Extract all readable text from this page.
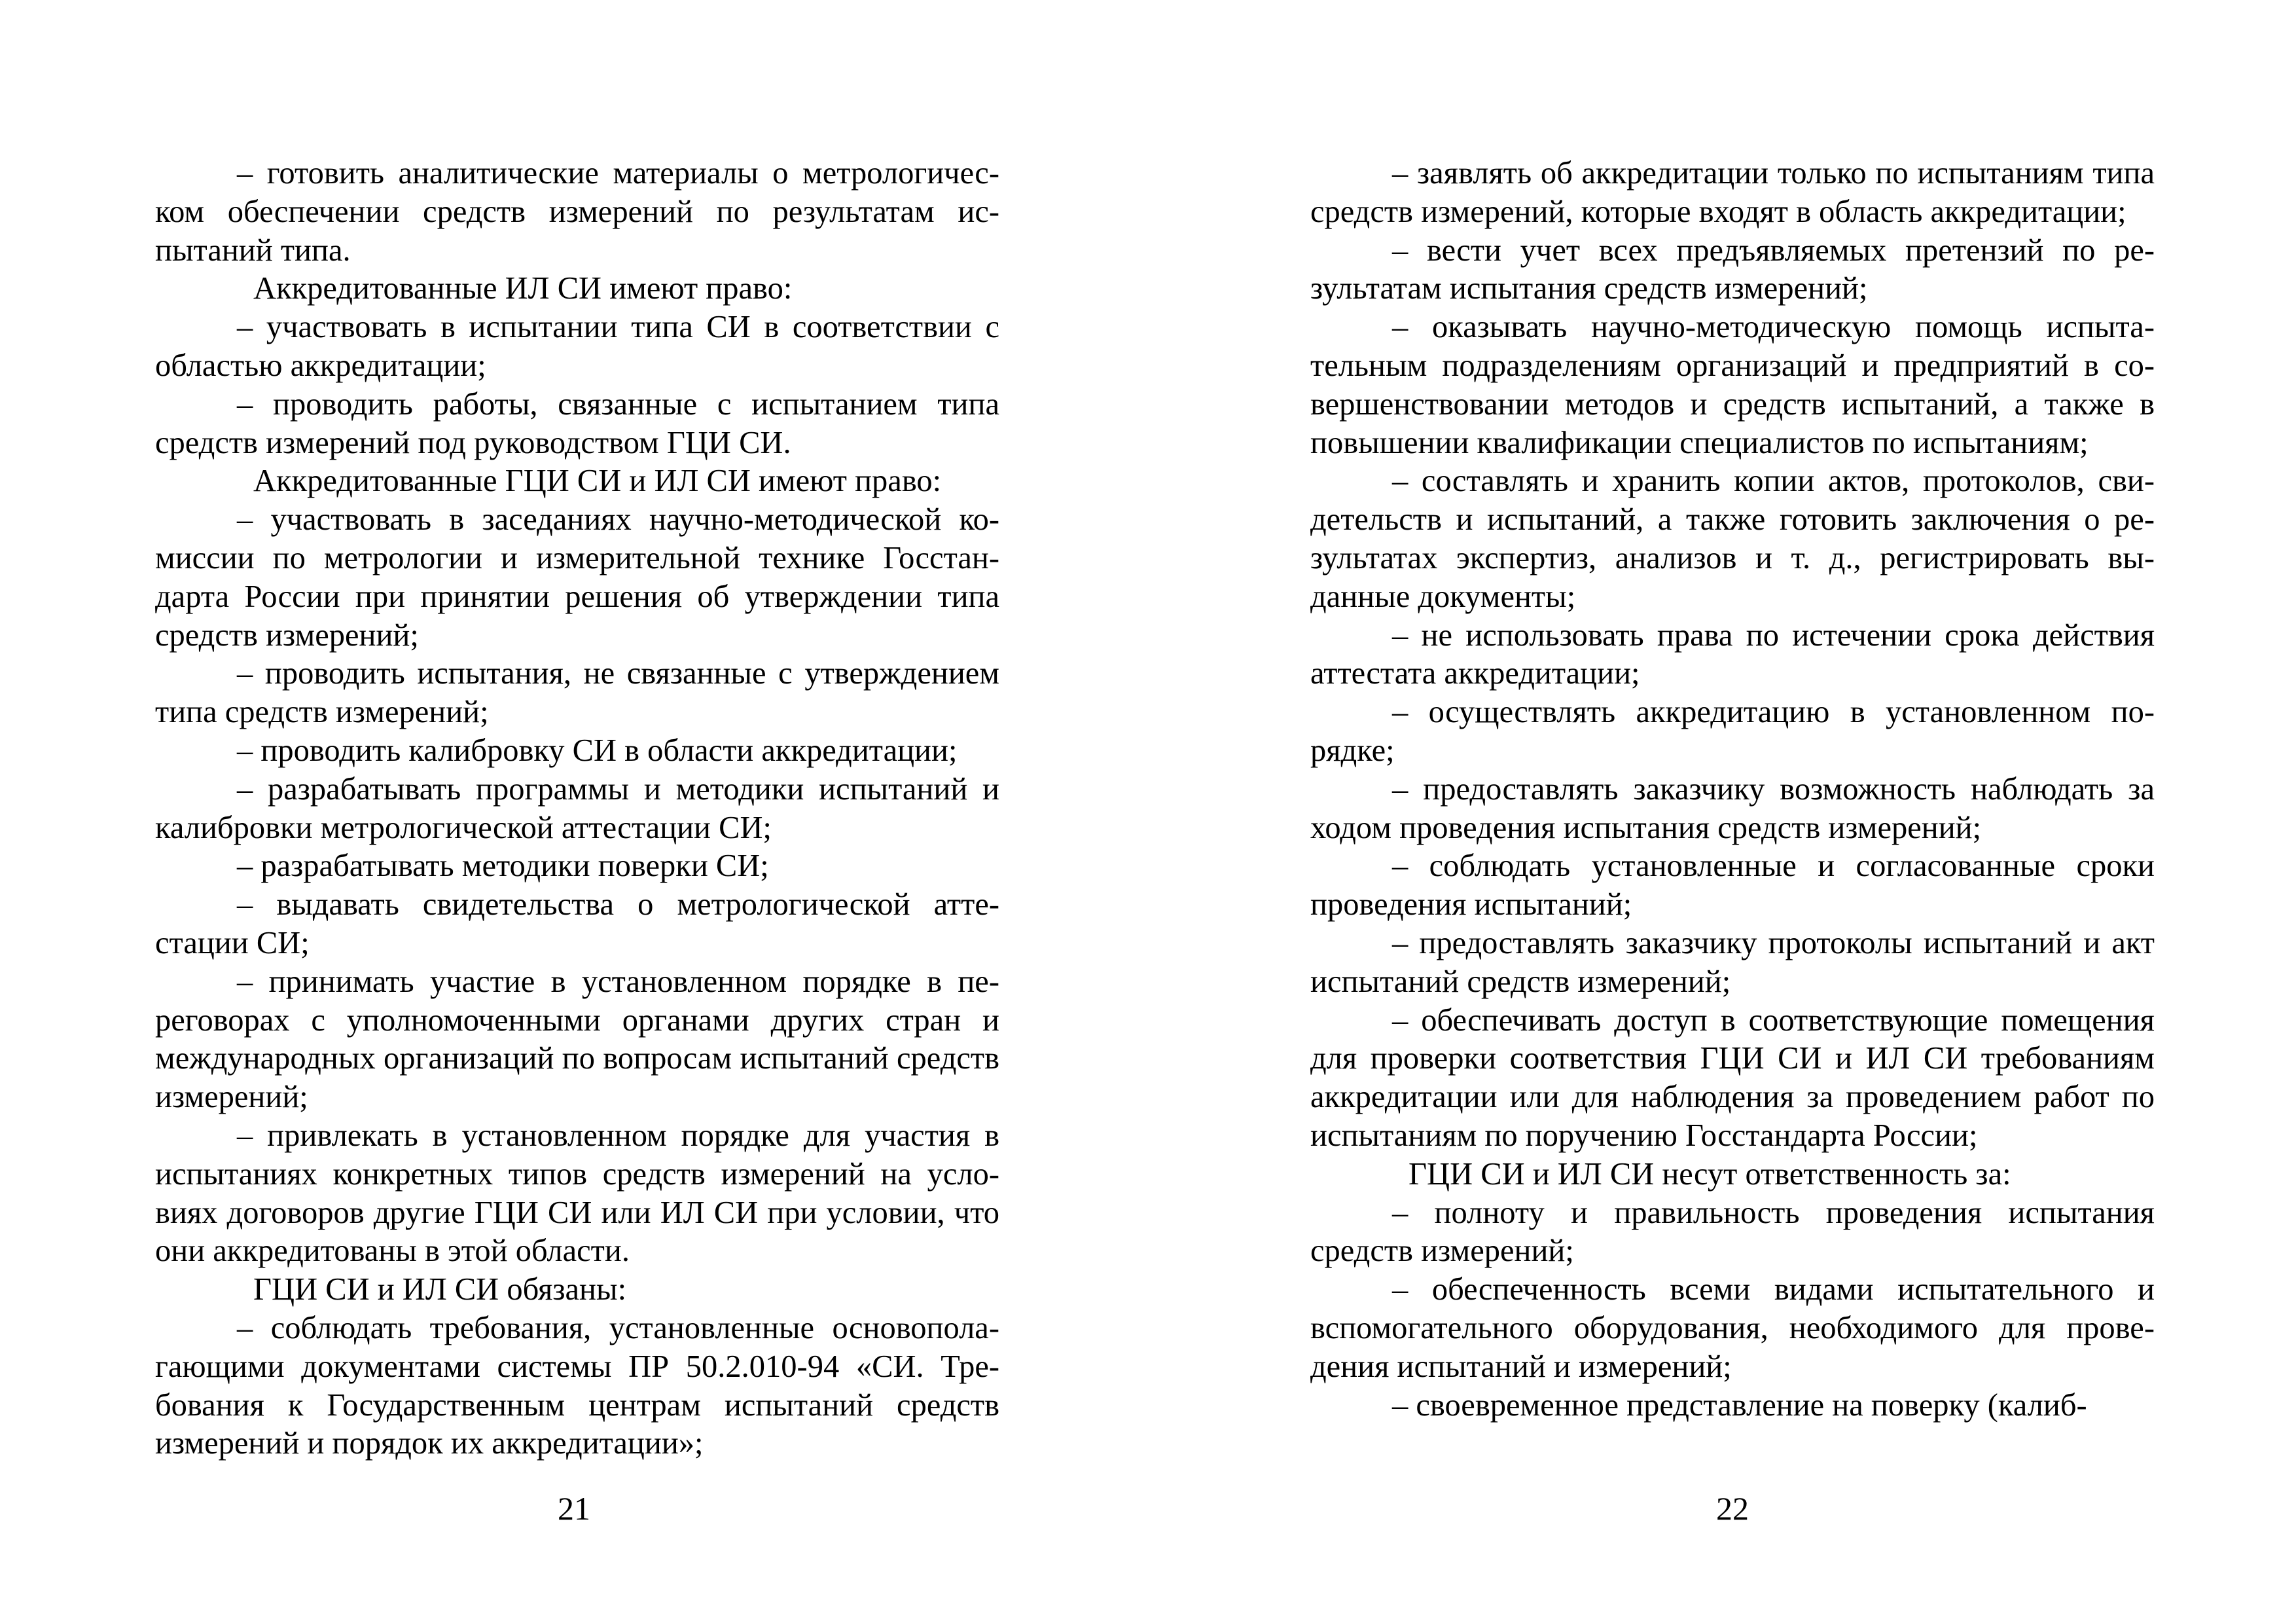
– готовить аналитические материалы о метрологическом обеспечении средств измерений по результатам испытаний типа.

Аккредитованные ИЛ СИ имеют право:

– участвовать в испытании типа СИ в соответствии с областью аккредитации;

– проводить работы, связанные с испытанием типа средств измерений под руководством ГЦИ СИ.

Аккредитованные ГЦИ СИ и ИЛ СИ имеют право:

– участвовать в заседаниях научно-методической комиссии по метрологии и измерительной технике Госстандарта России при принятии решения об утверждении типа средств измерений;

– проводить испытания, не связанные с утверждением типа средств измерений;

– проводить калибровку СИ в области аккредитации;

– разрабатывать программы и методики испытаний и калибровки метрологической аттестации СИ;

– разрабатывать методики поверки СИ;

– выдавать свидетельства о метрологической аттестации СИ;

– принимать участие в установленном порядке в переговорах с уполномоченными органами других стран и международных организаций по вопросам испытаний средств измерений;

– привлекать в установленном порядке для участия в испытаниях конкретных типов средств измерений на условиях договоров другие ГЦИ СИ или ИЛ СИ при условии, что они аккредитованы в этой области.

ГЦИ СИ и ИЛ СИ обязаны:

– соблюдать требования, установленные основополагающими документами системы ПР 50.2.010-94 «СИ. Требования к Государственным центрам испытаний средств измерений и порядок их аккредитации»;

21

– заявлять об аккредитации только по испытаниям типа средств измерений, которые входят в область аккредитации;

– вести учет всех предъявляемых претензий по результатам испытания средств измерений;

– оказывать научно-методическую помощь испытательным подразделениям организаций и предприятий в совершенствовании методов и средств испытаний, а также в повышении квалификации специалистов по испытаниям;

– составлять и хранить копии актов, протоколов, свидетельств и испытаний, а также готовить заключения о результатах экспертиз, анализов и т. д., регистрировать выданные документы;

– не использовать права по истечении срока действия аттестата аккредитации;

– осуществлять аккредитацию в установленном порядке;

– предоставлять заказчику возможность наблюдать за ходом проведения испытания средств измерений;

– соблюдать установленные и согласованные сроки проведения испытаний;

– предоставлять заказчику протоколы испытаний и акт испытаний средств измерений;

– обеспечивать доступ в соответствующие помещения для проверки соответствия ГЦИ СИ и ИЛ СИ требованиям аккредитации или для наблюдения за проведением работ по испытаниям по поручению Госстандарта России;

ГЦИ СИ и ИЛ СИ несут ответственность за:

– полноту и правильность проведения испытания средств измерений;

– обеспеченность всеми видами испытательного и вспомогательного оборудования, необходимого для проведения испытаний и измерений;

– своевременное представление на поверку (калиб-

22
